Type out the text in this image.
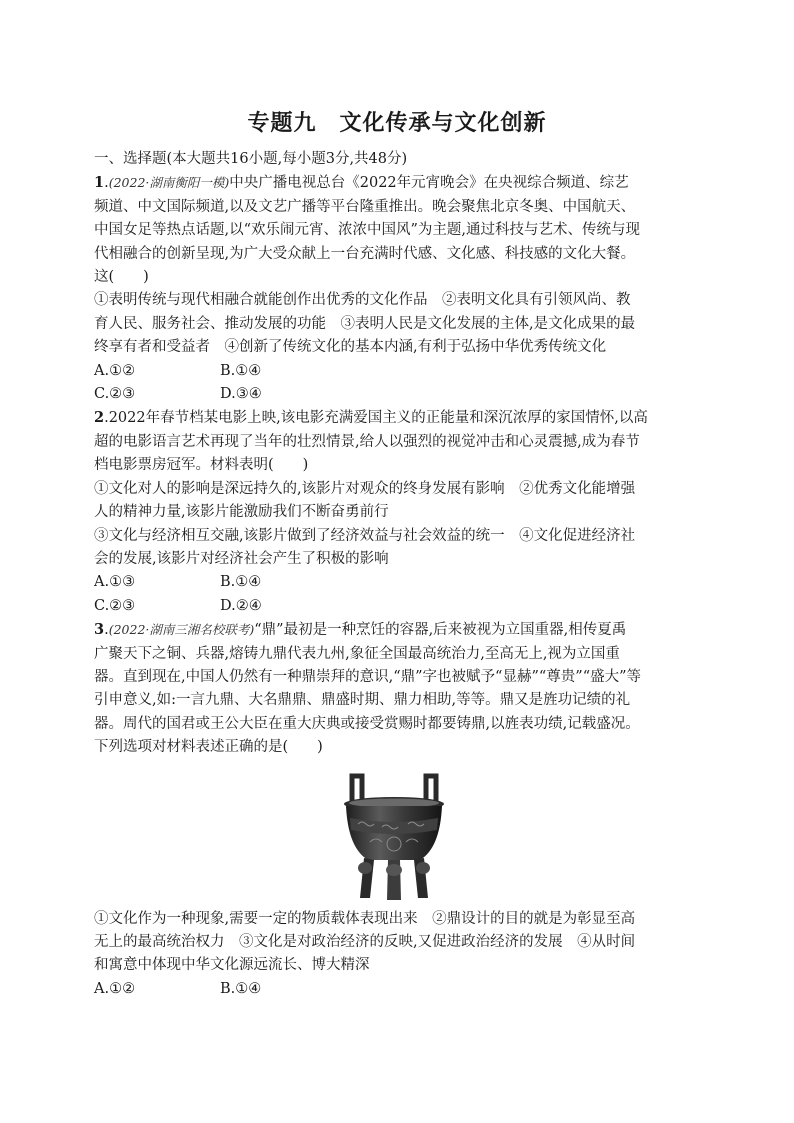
专题九　文化传承与文化创新
一、选择题(本大题共16小题,每小题3分,共48分)
1.(2022·湖南衡阳一模)中央广播电视总台《2022年元宵晚会》在央视综合频道、综艺
频道、中文国际频道,以及文艺广播等平台隆重推出。晚会聚焦北京冬奥、中国航天、
中国女足等热点话题,以“欢乐闹元宵、浓浓中国风”为主题,通过科技与艺术、传统与现
代相融合的创新呈现,为广大受众献上一台充满时代感、文化感、科技感的文化大餐。
这(　　)
①表明传统与现代相融合就能创作出优秀的文化作品　②表明文化具有引领风尚、教
育人民、服务社会、推动发展的功能　③表明人民是文化发展的主体,是文化成果的最
终享有者和受益者　④创新了传统文化的基本内涵,有利于弘扬中华优秀传统文化
A.①②	B.①④
C.②③	D.③④
2.2022年春节档某电影上映,该电影充满爱国主义的正能量和深沉浓厚的家国情怀,以高
超的电影语言艺术再现了当年的壮烈情景,给人以强烈的视觉冲击和心灵震撼,成为春节
档电影票房冠军。材料表明(　　)
①文化对人的影响是深远持久的,该影片对观众的终身发展有影响　②优秀文化能增强
人的精神力量,该影片能激励我们不断奋勇前行
③文化与经济相互交融,该影片做到了经济效益与社会效益的统一　④文化促进经济社
会的发展,该影片对经济社会产生了积极的影响
A.①③	B.①④
C.②③	D.②④
3.(2022·湖南三湘名校联考)“鼎”最初是一种烹饪的容器,后来被视为立国重器,相传夏禹
广聚天下之铜、兵器,熔铸九鼎代表九州,象征全国最高统治力,至高无上,视为立国重
器。直到现在,中国人仍然有一种鼎崇拜的意识,“鼎”字也被赋予“显赫”“尊贵”“盛大”等
引申意义,如:一言九鼎、大名鼎鼎、鼎盛时期、鼎力相助,等等。鼎又是旌功记绩的礼
器。周代的国君或王公大臣在重大庆典或接受赏赐时都要铸鼎,以旌表功绩,记载盛况。
下列选项对材料表述正确的是(　　)
①文化作为一种现象,需要一定的物质载体表现出来　②鼎设计的目的就是为彰显至高
无上的最高统治权力　③文化是对政治经济的反映,又促进政治经济的发展　④从时间
和寓意中体现中华文化源远流长、博大精深
A.①②	B.①④
